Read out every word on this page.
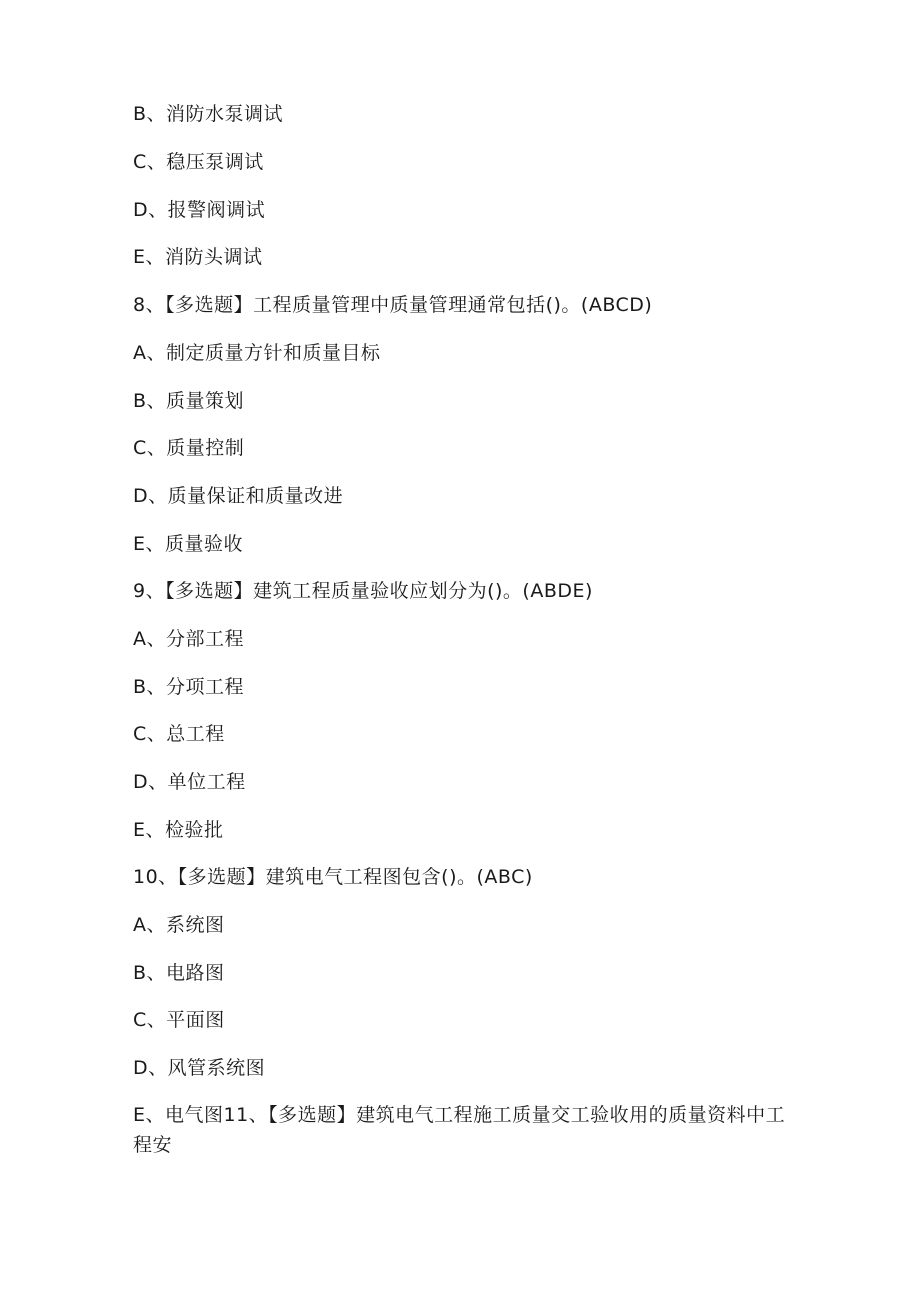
B、消防水泵调试
C、稳压泵调试
D、报警阀调试
E、消防头调试
8、【多选题】工程质量管理中质量管理通常包括()。(ABCD)
A、制定质量方针和质量目标
B、质量策划
C、质量控制
D、质量保证和质量改进
E、质量验收
9、【多选题】建筑工程质量验收应划分为()。(ABDE)
A、分部工程
B、分项工程
C、总工程
D、单位工程
E、检验批
10、【多选题】建筑电气工程图包含()。(ABC)
A、系统图
B、电路图
C、平面图
D、风管系统图
E、电气图11、【多选题】建筑电气工程施工质量交工验收用的质量资料中工程安
